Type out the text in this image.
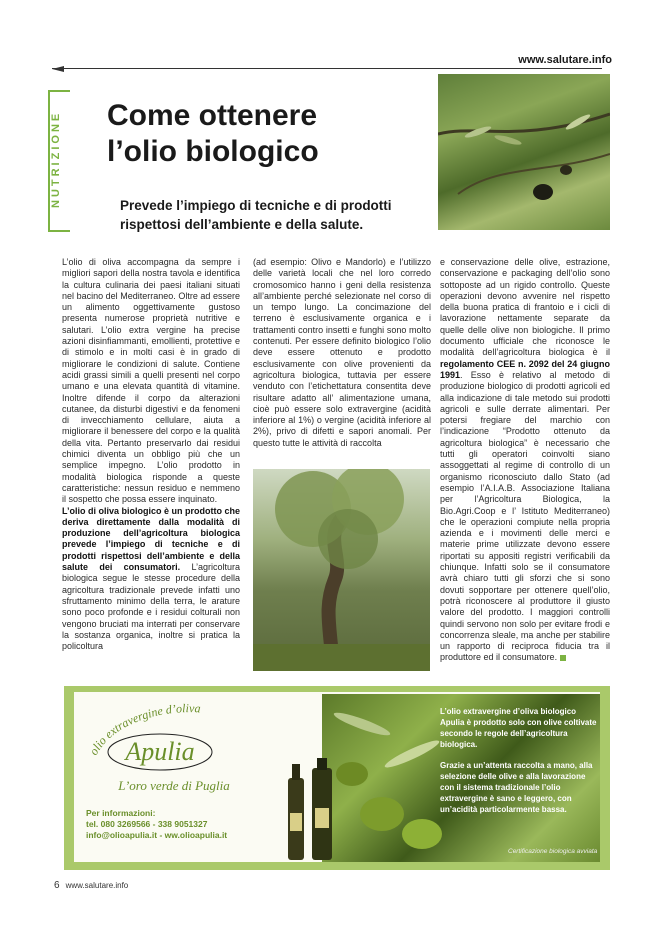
www.salutare.info
NUTRIZIONE Come ottenere
l’olio biologico
Prevede l’impiego di tecniche e di prodotti rispettosi dell’ambiente e della salute.

L’olio di oliva accompagna da sempre i migliori sapori della nostra tavola e identifica la cultura culinaria dei paesi italiani situati nel bacino del Mediterraneo. Oltre ad essere un alimento oggettivamente gustoso presenta numerose proprietà nutritive e salutari. L’olio extra vergine ha precise azioni disinfiammanti, emollienti, protettive e di stimolo e in molti casi è in grado di migliorare le condizioni di salute. Contiene acidi grassi simili a quelli presenti nel corpo umano e una elevata quantità di vitamine. Inoltre difende il corpo da alterazioni cutanee, da disturbi digestivi e da fenomeni di invecchiamento cellulare, aiuta a migliorare il benessere del corpo e la qualità della vita. Pertanto preservarlo dai residui chimici diventa un obbligo più che un semplice impegno. L’olio prodotto in modalità biologica risponde a queste caratteristiche: nessun residuo e nemmeno il sospetto che possa essere inquinato.

L’olio di oliva biologico è un prodotto che deriva direttamente dalla modalità di produzione dell’agricoltura biologica prevede l’impiego di tecniche e di prodotti rispettosi dell’ambiente e della salute dei consumatori. L’agricoltura biologica segue le stesse procedure della agricoltura tradizionale prevede infatti uno sfruttamento minimo della terra, le arature sono poco profonde e i residui colturali non vengono bruciati ma interrati per conservare la sostanza organica, inoltre si pratica la policoltura

(ad esempio: Olivo e Mandorlo) e l’utilizzo delle varietà locali che nel loro corredo cromosomico hanno i geni della resistenza all’ambiente perché selezionate nel corso di un tempo lungo. La concimazione del terreno è esclusivamente organica e i trattamenti contro insetti e funghi sono molto contenuti. Per essere definito biologico l’olio deve essere ottenuto e prodotto esclusivamente con olive provenienti da agricoltura biologica, tuttavia per essere venduto con l’etichettatura consentita deve risultare adatto all’ alimentazione umana, cioè può essere solo extravergine (acidità inferiore al 1%) o vergine (acidità inferiore al 2%), privo di difetti e sapori anomali. Per questo tutte le attività di raccolta

e conservazione delle olive, estrazione, conservazione e packaging dell’olio sono sottoposte ad un rigido controllo. Queste operazioni devono avvenire nel rispetto della buona pratica di frantoio e i cicli di lavorazione nettamente separate da quelle delle olive non biologiche. Il primo documento ufficiale che riconosce le modalità dell’agricoltura biologica è il regolamento CEE n. 2092 del 24 giugno 1991. Esso è relativo al metodo di produzione biologico di prodotti agricoli ed alla indicazione di tale metodo sui prodotti agricoli e sulle derrate alimentari. Per potersi fregiare del marchio con l’indicazione “Prodotto ottenuto da agricoltura biologica” è necessario che tutti gli operatori coinvolti siano assoggettati al regime di controllo di un organismo riconosciuto dallo Stato (ad esempio l’A.I.A.B. Associazione Italiana per l’Agricoltura Biologica, la Bio.Agri.Coop e l’ Istituto Mediterraneo) che le operazioni compiute nella propria azienda e i movimenti delle merci e materie prime utilizzate devono essere riportati su appositi registri verificabili da chiunque. Infatti solo se il consumatore avrà chiaro tutti gli sforzi che si sono dovuti sopportare per ottenere quell’olio, potrà riconoscere al produttore il giusto valore del prodotto. I maggiori controlli quindi servono non solo per evitare frodi e concorrenza sleale, ma anche per stabilire un rapporto di reciproca fiducia tra il produttore ed il consumatore.

olio extravergine d’oliva
Apulia
L’oro verde di Puglia
Per informazioni:
tel. 080 3269566 - 338 9051327
info@olioapulia.it - ww.olioapulia.it

L’olio extravergine d’oliva biologico Apulia è prodotto solo con olive coltivate secondo le regole dell’agricoltura biologica.

Grazie a un’attenta raccolta a mano, alla selezione delle olive e alla lavorazione con il sistema tradizionale l’olio extravergine è sano e leggero, con un’acidità particolarmente bassa.

Certificazione biologica avviata
6 www.salutare.info
